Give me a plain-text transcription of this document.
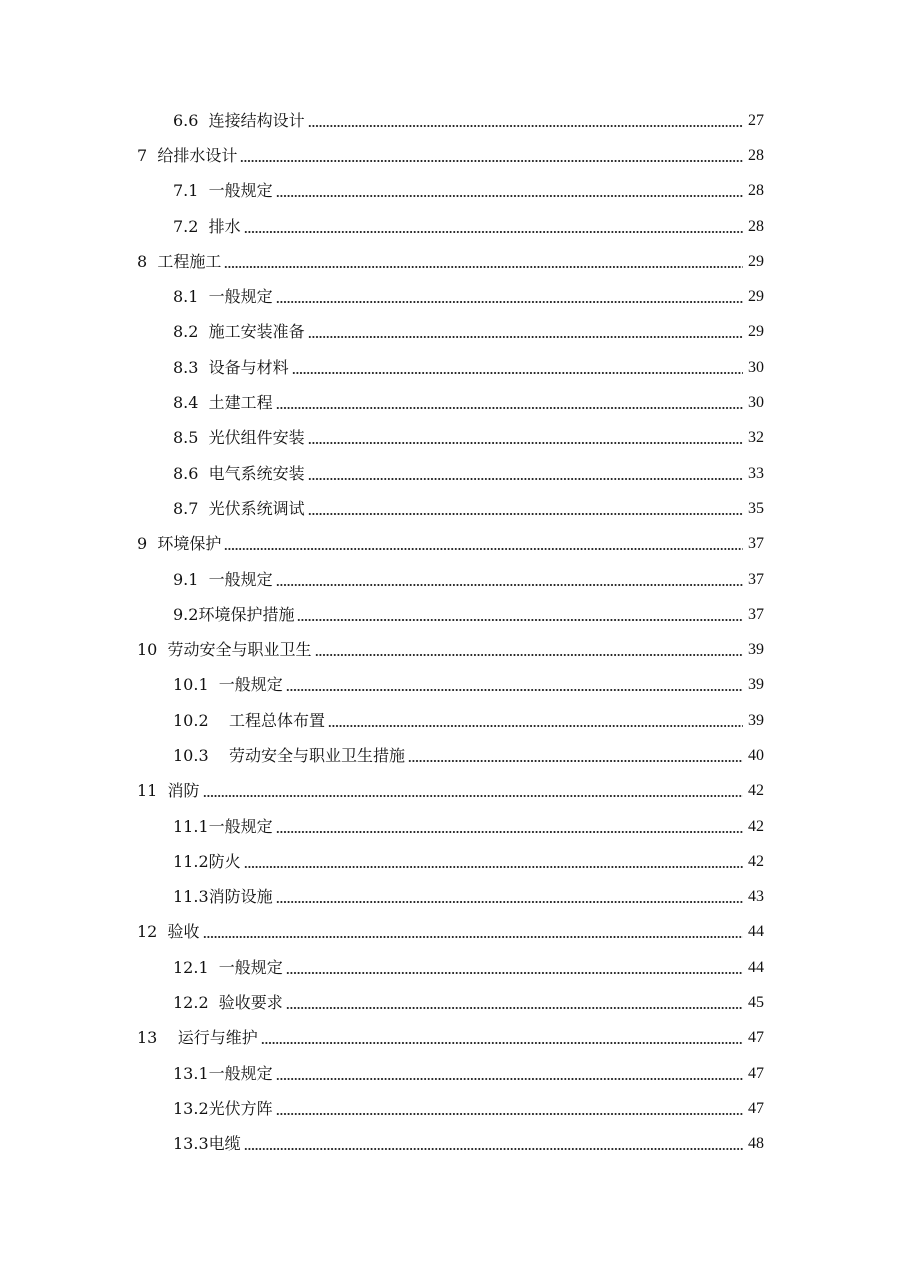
6.6  连接结构设计	27
7  给排水设计	28
7.1  一般规定	28
7.2  排水	28
8  工程施工	29
8.1  一般规定	29
8.2  施工安装准备	29
8.3  设备与材料	30
8.4  土建工程	30
8.5  光伏组件安装	32
8.6  电气系统安装	33
8.7  光伏系统调试	35
9  环境保护	37
9.1  一般规定	37
9.2环境保护措施	37
10  劳动安全与职业卫生	39
10.1  一般规定	39
10.2    工程总体布置	39
10.3    劳动安全与职业卫生措施	40
11  消防	42
11.1一般规定	42
11.2防火	42
11.3消防设施	43
12  验收	44
12.1  一般规定	44
12.2  验收要求	45
13    运行与维护	47
13.1一般规定	47
13.2光伏方阵	47
13.3电缆	48
